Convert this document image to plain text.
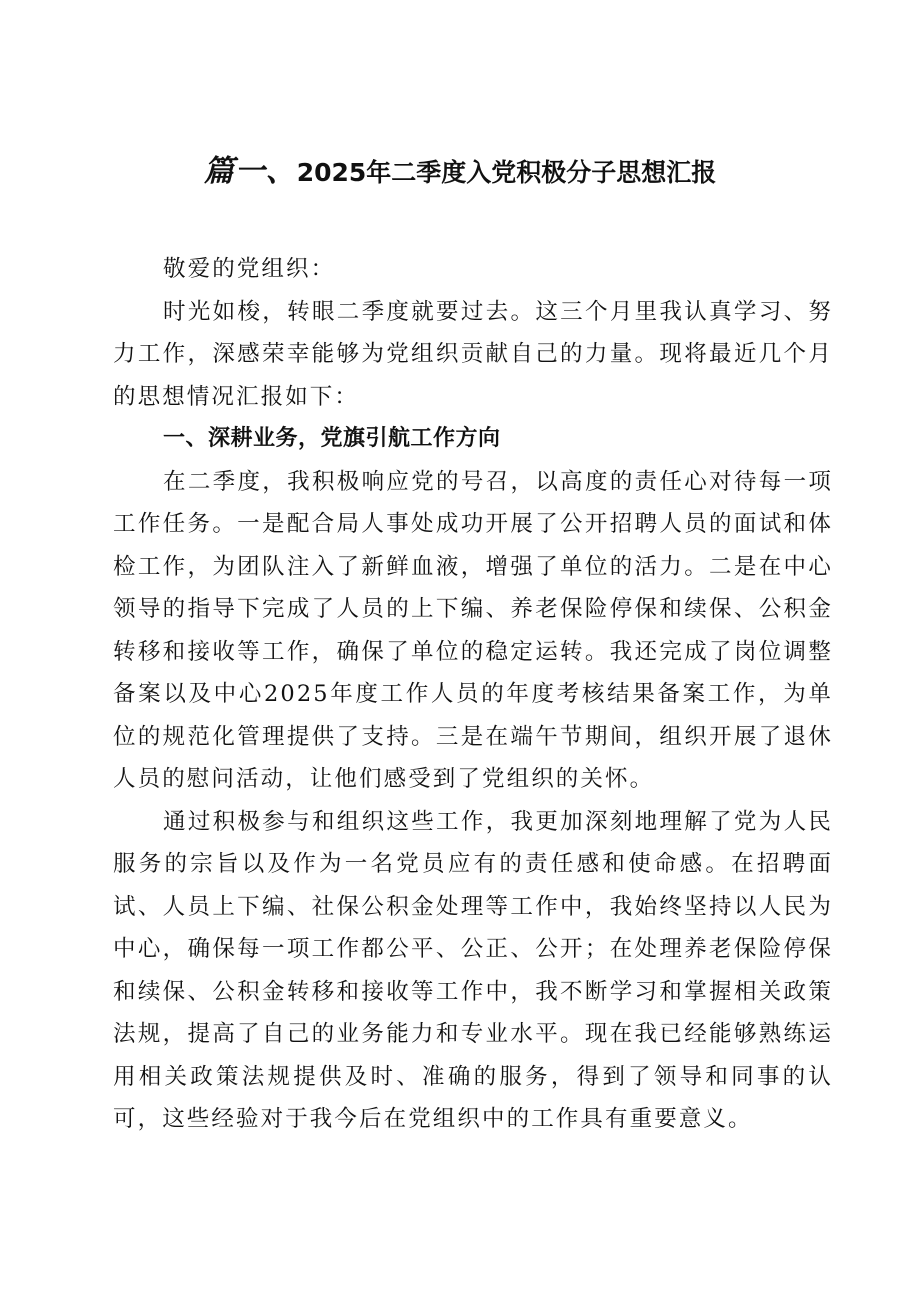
篇一、2025年二季度入党积极分子思想汇报

敬爱的党组织：

时光如梭，转眼二季度就要过去。这三个月里我认真学习、努力工作，深感荣幸能够为党组织贡献自己的力量。现将最近几个月的思想情况汇报如下：

一、深耕业务，党旗引航工作方向

在二季度，我积极响应党的号召，以高度的责任心对待每一项工作任务。一是配合局人事处成功开展了公开招聘人员的面试和体检工作，为团队注入了新鲜血液，增强了单位的活力。二是在中心领导的指导下完成了人员的上下编、养老保险停保和续保、公积金转移和接收等工作，确保了单位的稳定运转。我还完成了岗位调整备案以及中心2025年度工作人员的年度考核结果备案工作，为单位的规范化管理提供了支持。三是在端午节期间，组织开展了退休人员的慰问活动，让他们感受到了党组织的关怀。

通过积极参与和组织这些工作，我更加深刻地理解了党为人民服务的宗旨以及作为一名党员应有的责任感和使命感。在招聘面试、人员上下编、社保公积金处理等工作中，我始终坚持以人民为中心，确保每一项工作都公平、公正、公开；在处理养老保险停保和续保、公积金转移和接收等工作中，我不断学习和掌握相关政策法规，提高了自己的业务能力和专业水平。现在我已经能够熟练运用相关政策法规提供及时、准确的服务，得到了领导和同事的认可，这些经验对于我今后在党组织中的工作具有重要意义。
